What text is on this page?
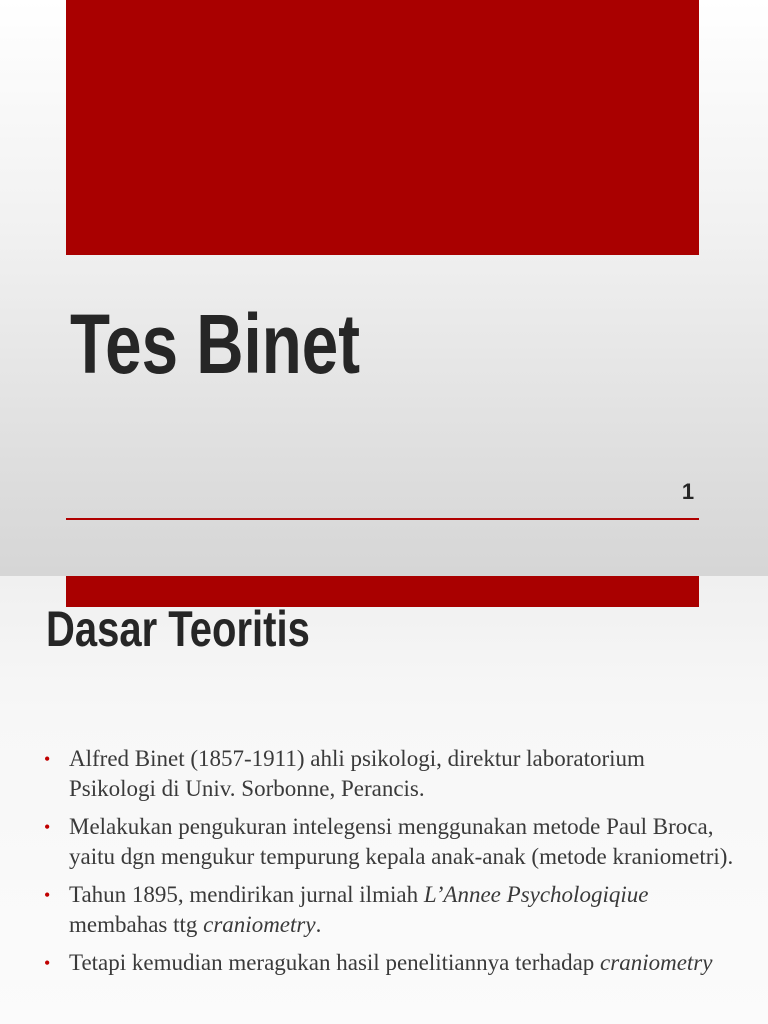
Tes Binet
1
Dasar Teoritis
• Alfred Binet (1857-1911) ahli psikologi, direktur laboratorium Psikologi di Univ. Sorbonne, Perancis.
• Melakukan pengukuran intelegensi menggunakan metode Paul Broca, yaitu dgn mengukur tempurung kepala anak-anak (metode kraniometri).
• Tahun 1895, mendirikan jurnal ilmiah L’Annee Psychologiqiue membahas ttg craniometry.
• Tetapi kemudian meragukan hasil penelitiannya terhadap craniometry
